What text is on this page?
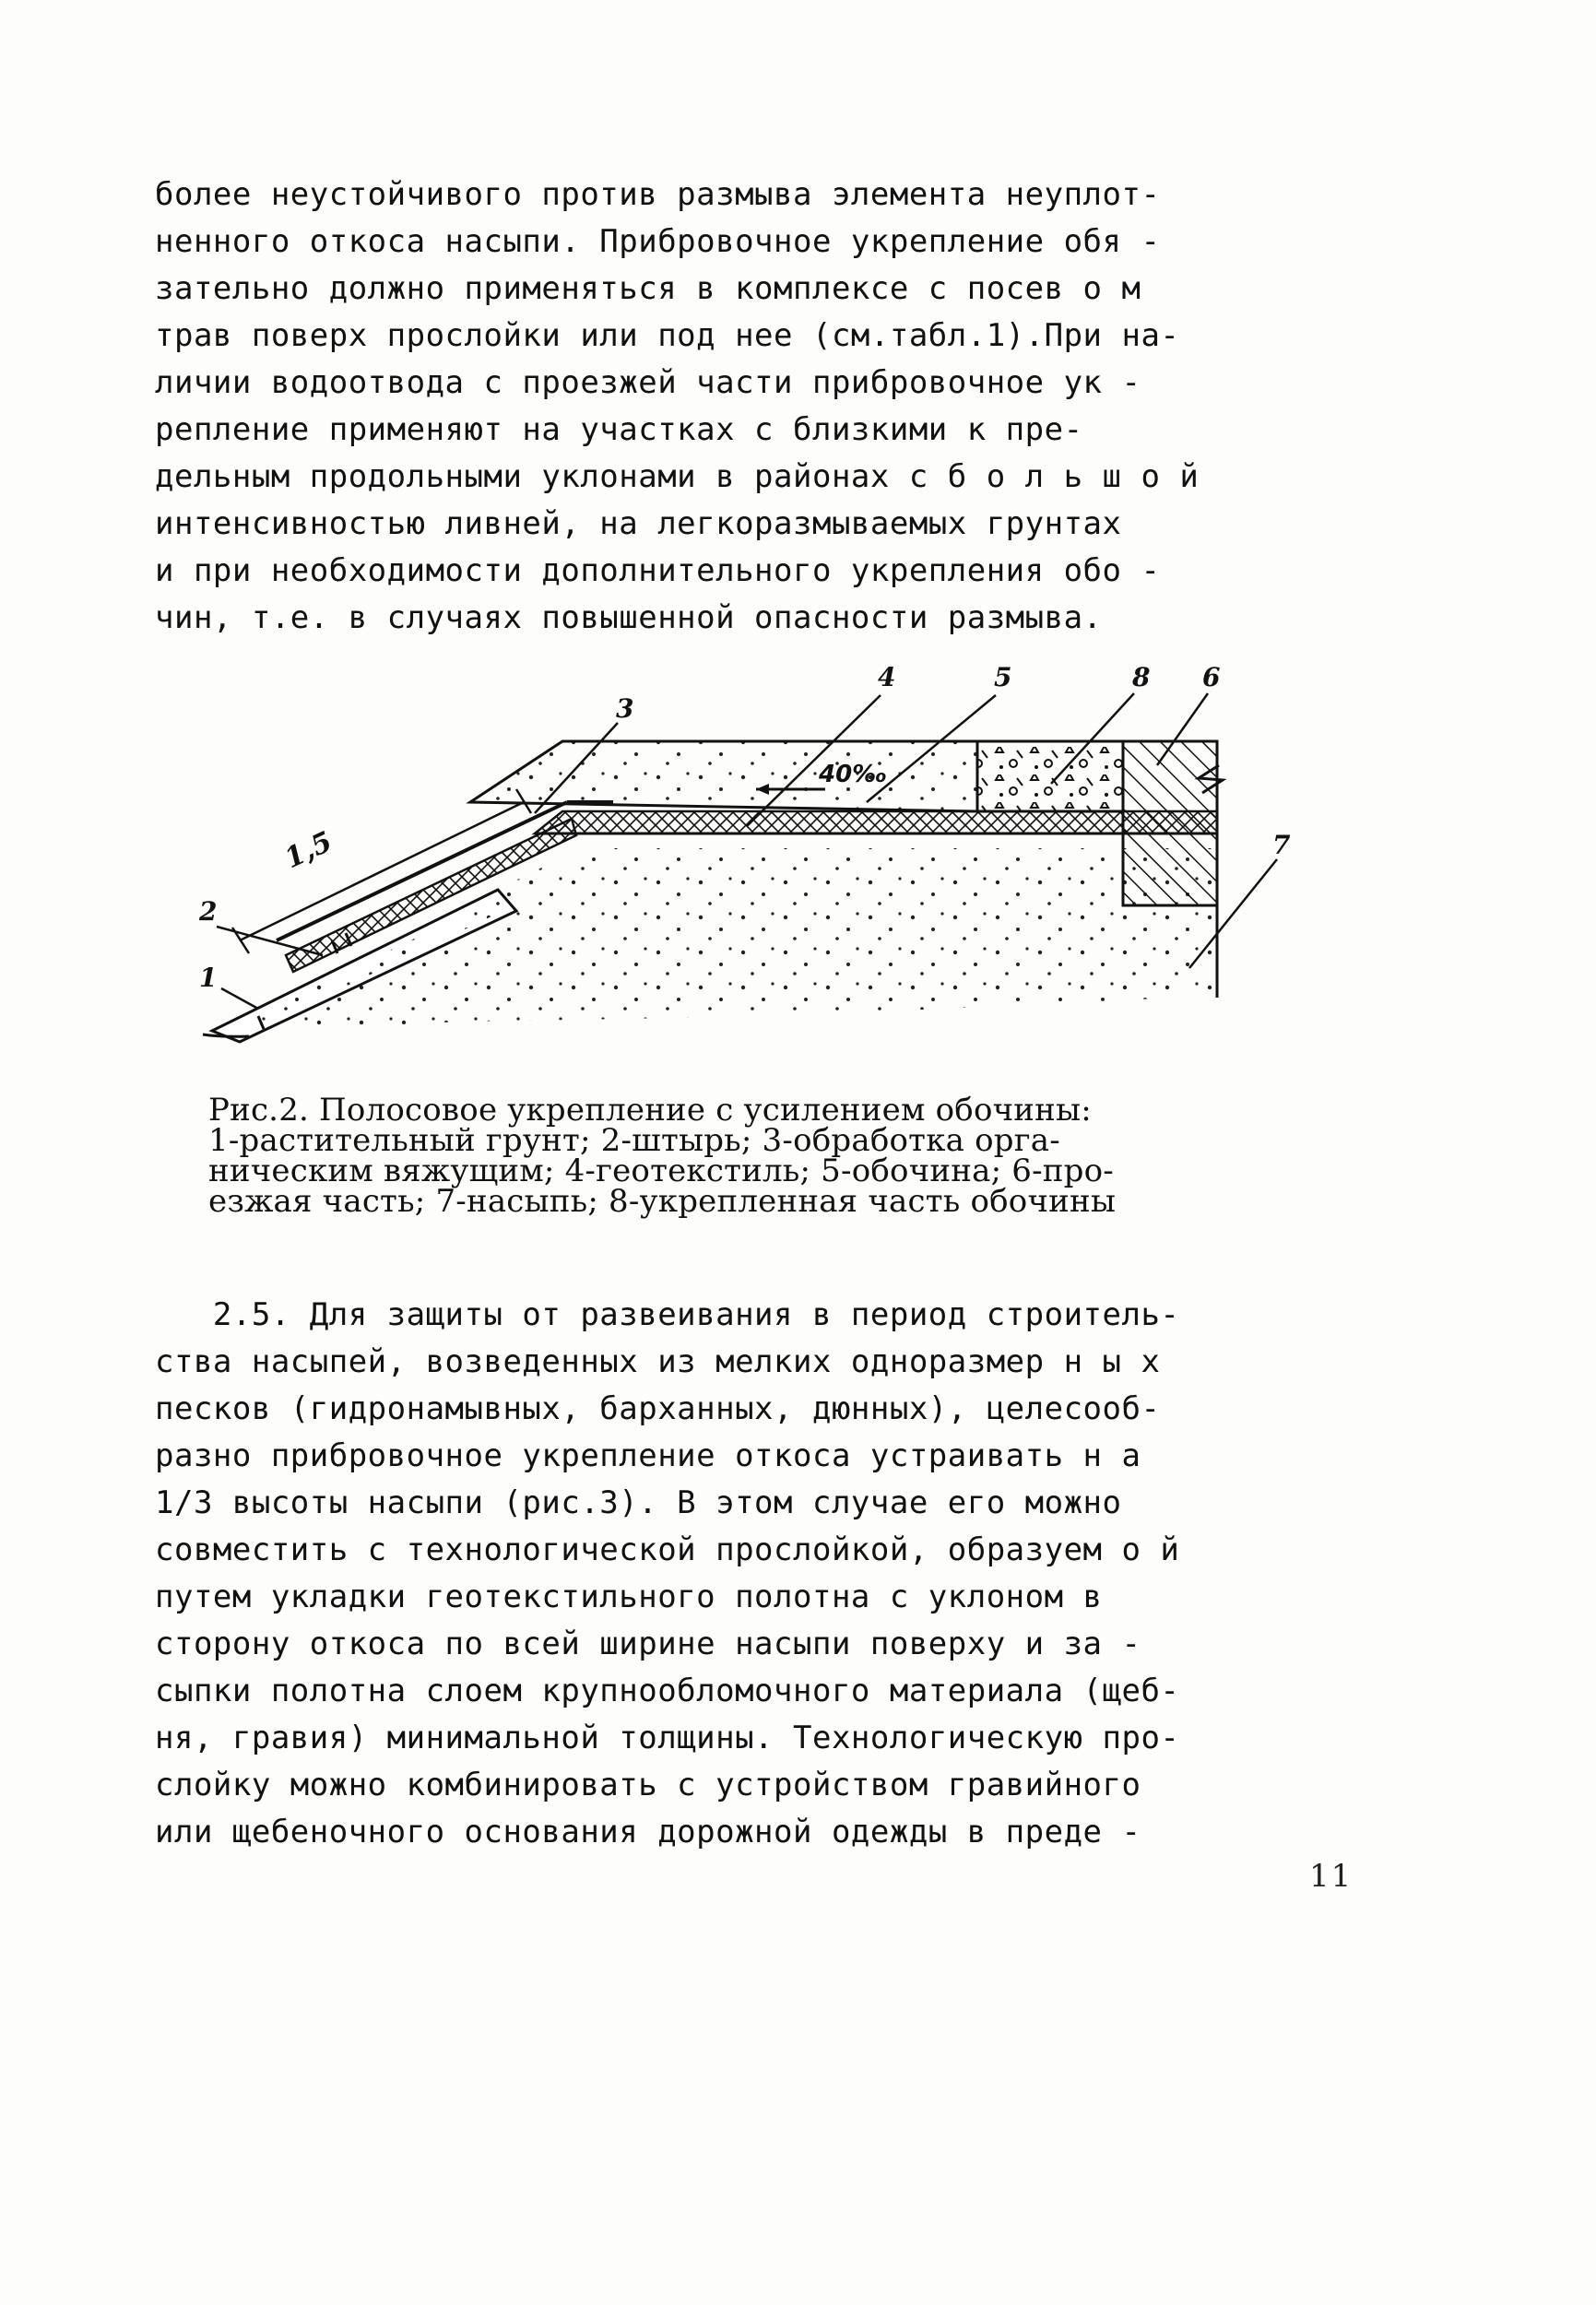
более неустойчивого против размыва элемента неуплот-
ненного откоса насыпи. Прибровочное укрепление обя -
зательно должно применяться в комплексе с посев о м
трав поверх прослойки или под нее (см.табл.1).При на-
личии водоотвода с проезжей части прибровочное ук -
репление применяют на участках с близкими к пре-
дельным продольными уклонами в районах с б о л ь ш о й
интенсивностью ливней, на легкоразмываемых грунтах
и при необходимости дополнительного укрепления обо -
чин, т.е. в случаях повышенной опасности размыва.
1,5
40‰
1
2
3
4	5	8 6
7
Рис.2. Полосовое укрепление с усилением обочины:
1-растительный грунт; 2-штырь; 3-обработка орга-
ническим вяжущим; 4-геотекстиль; 5-обочина; 6-про-
езжая часть; 7-насыпь; 8-укрепленная часть обочины
2.5. Для защиты от развеивания в период строитель-
ства насыпей, возведенных из мелких одноразмер н ы х
песков (гидронамывных, барханных, дюнных), целесооб-
разно прибровочное укрепление откоса устраивать н а
1/3 высоты насыпи (рис.3). В этом случае его можно
совместить с технологической прослойкой, образуем о й
путем укладки геотекстильного полотна с уклоном в
сторону откоса по всей ширине насыпи поверху и за -
сыпки полотна слоем крупнообломочного материала (щеб-
ня, гравия) минимальной толщины. Технологическую про-
слойку можно комбинировать с устройством гравийного
или щебеночного основания дорожной одежды в преде -
11
